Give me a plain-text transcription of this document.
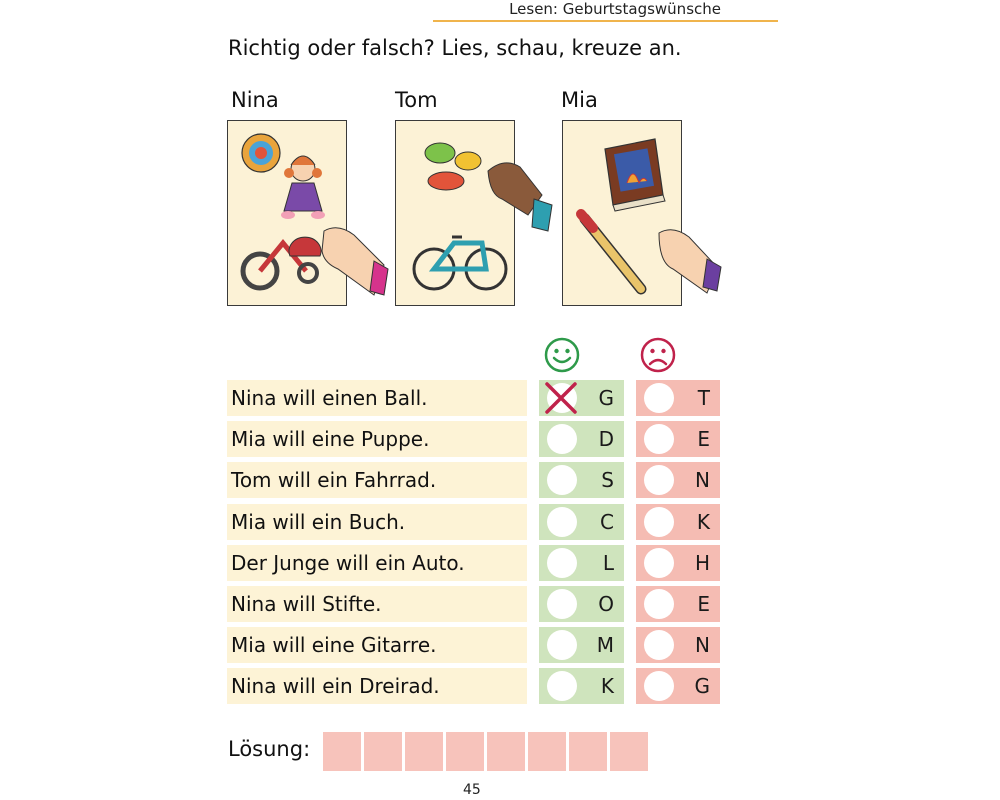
Lesen: Geburtstagswünsche
Richtig oder falsch? Lies, schau, kreuze an.
Nina	Tom	Mia
Nina will einen Ball.	G	T
Mia will eine Puppe.	D	E
Tom will ein Fahrrad.	S	N
Mia will ein Buch.	C	K
Der Junge will ein Auto.	L	H
Nina will Stifte.	O	E
Mia will eine Gitarre.	M	N
Nina will ein Dreirad.	K	G
Lösung:
45
